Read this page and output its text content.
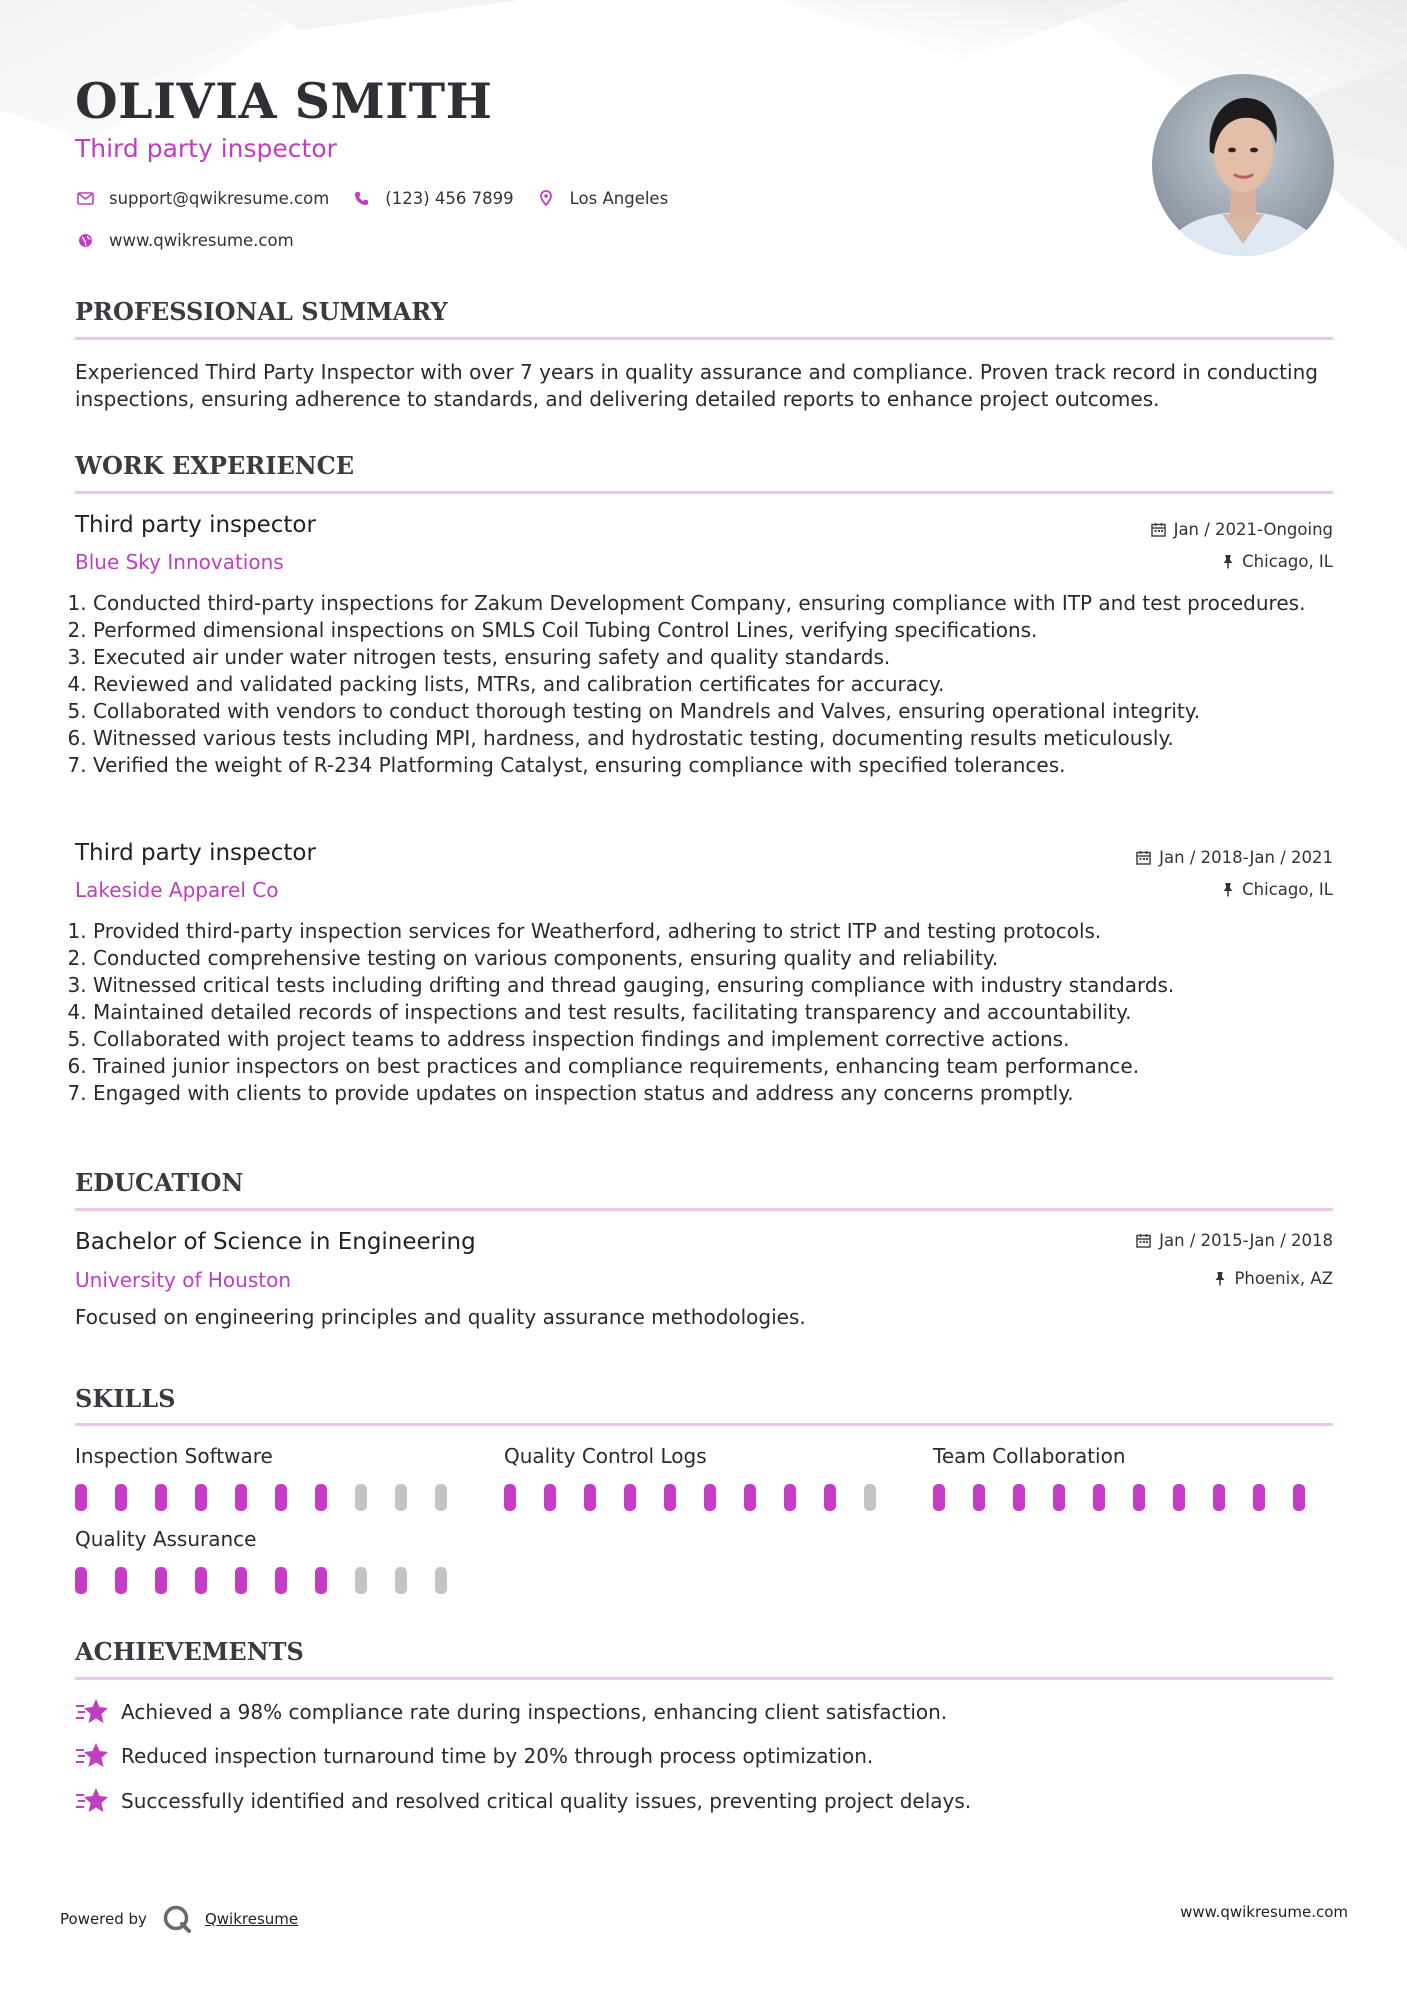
OLIVIA SMITH
Third party inspector
support@qwikresume.com	(123) 456 7899	Los Angeles
www.qwikresume.com
PROFESSIONAL SUMMARY

Experienced Third Party Inspector with over 7 years in quality assurance and compliance. Proven track record in conducting inspections, ensuring adherence to standards, and delivering detailed reports to enhance project outcomes.

WORK EXPERIENCE
Third party inspector
Blue Sky Innovations
Jan / 2021-Ongoing
Chicago, IL
1. Conducted third-party inspections for Zakum Development Company, ensuring compliance with ITP and test procedures.
2. Performed dimensional inspections on SMLS Coil Tubing Control Lines, verifying specifications.
3. Executed air under water nitrogen tests, ensuring safety and quality standards.
4. Reviewed and validated packing lists, MTRs, and calibration certificates for accuracy.
5. Collaborated with vendors to conduct thorough testing on Mandrels and Valves, ensuring operational integrity.
6. Witnessed various tests including MPI, hardness, and hydrostatic testing, documenting results meticulously.
7. Verified the weight of R-234 Platforming Catalyst, ensuring compliance with specified tolerances.
Third party inspector
Lakeside Apparel Co
Jan / 2018-Jan / 2021
Chicago, IL
1. Provided third-party inspection services for Weatherford, adhering to strict ITP and testing protocols.
2. Conducted comprehensive testing on various components, ensuring quality and reliability.
3. Witnessed critical tests including drifting and thread gauging, ensuring compliance with industry standards.
4. Maintained detailed records of inspections and test results, facilitating transparency and accountability.
5. Collaborated with project teams to address inspection findings and implement corrective actions.
6. Trained junior inspectors on best practices and compliance requirements, enhancing team performance.
7. Engaged with clients to provide updates on inspection status and address any concerns promptly.
EDUCATION
Bachelor of Science in Engineering
University of Houston
Jan / 2015-Jan / 2018
Phoenix, AZ

Focused on engineering principles and quality assurance methodologies.

SKILLS
Inspection Software	Quality Control Logs	Team Collaboration
Quality Assurance
ACHIEVEMENTS
Achieved a 98% compliance rate during inspections, enhancing client satisfaction.
Reduced inspection turnaround time by 20% through process optimization.
Successfully identified and resolved critical quality issues, preventing project delays.
Powered by	Qwikresume	www.qwikresume.com
